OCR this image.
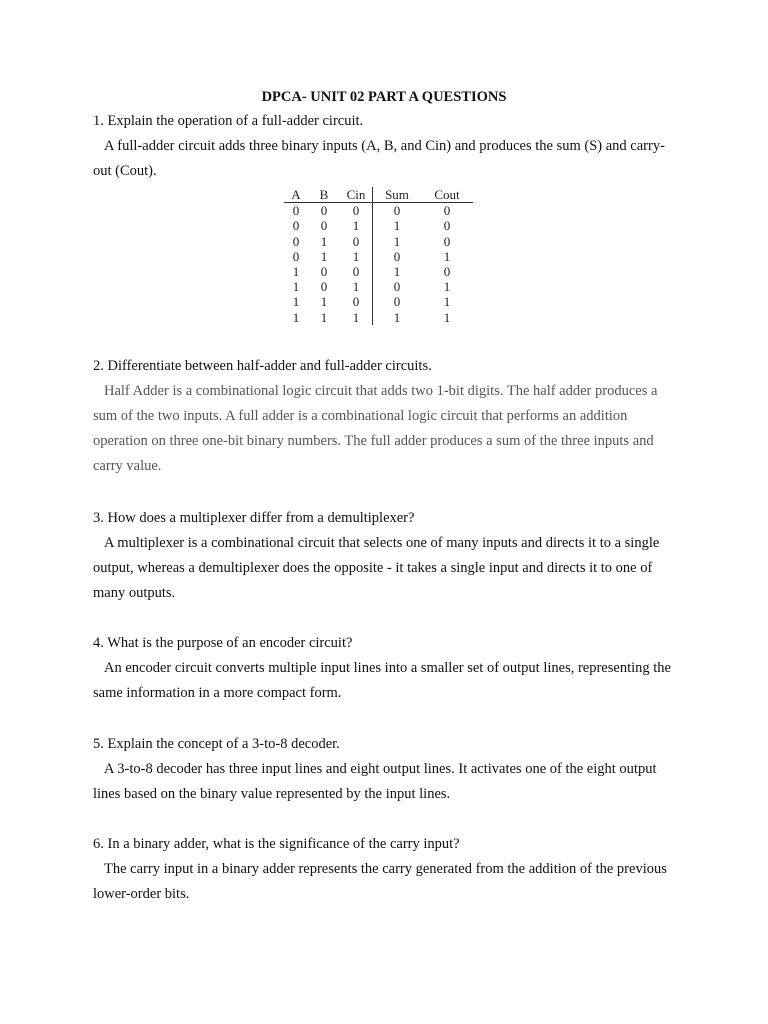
DPCA- UNIT 02 PART A QUESTIONS

1. Explain the operation of a full-adder circuit.

A full-adder circuit adds three binary inputs (A, B, and Cin) and produces the sum (S) and carry-out (Cout).

A	B	Cin	Sum	Cout
0	0	0	0	0
0	0	1	1	0
0	1	0	1	0
0	1	1	0	1
1	0	0	1	0
1	0	1	0	1
1	1	0	0	1
1	1	1	1	1

2. Differentiate between half-adder and full-adder circuits.

Half Adder is a combinational logic circuit that adds two 1-bit digits. The half adder produces a sum of the two inputs. A full adder is a combinational logic circuit that performs an addition operation on three one-bit binary numbers. The full adder produces a sum of the three inputs and carry value.

3. How does a multiplexer differ from a demultiplexer?

A multiplexer is a combinational circuit that selects one of many inputs and directs it to a single output, whereas a demultiplexer does the opposite - it takes a single input and directs it to one of many outputs.

4. What is the purpose of an encoder circuit?

An encoder circuit converts multiple input lines into a smaller set of output lines, representing the same information in a more compact form.

5. Explain the concept of a 3-to-8 decoder.

A 3-to-8 decoder has three input lines and eight output lines. It activates one of the eight output lines based on the binary value represented by the input lines.

6. In a binary adder, what is the significance of the carry input?

The carry input in a binary adder represents the carry generated from the addition of the previous lower-order bits.
